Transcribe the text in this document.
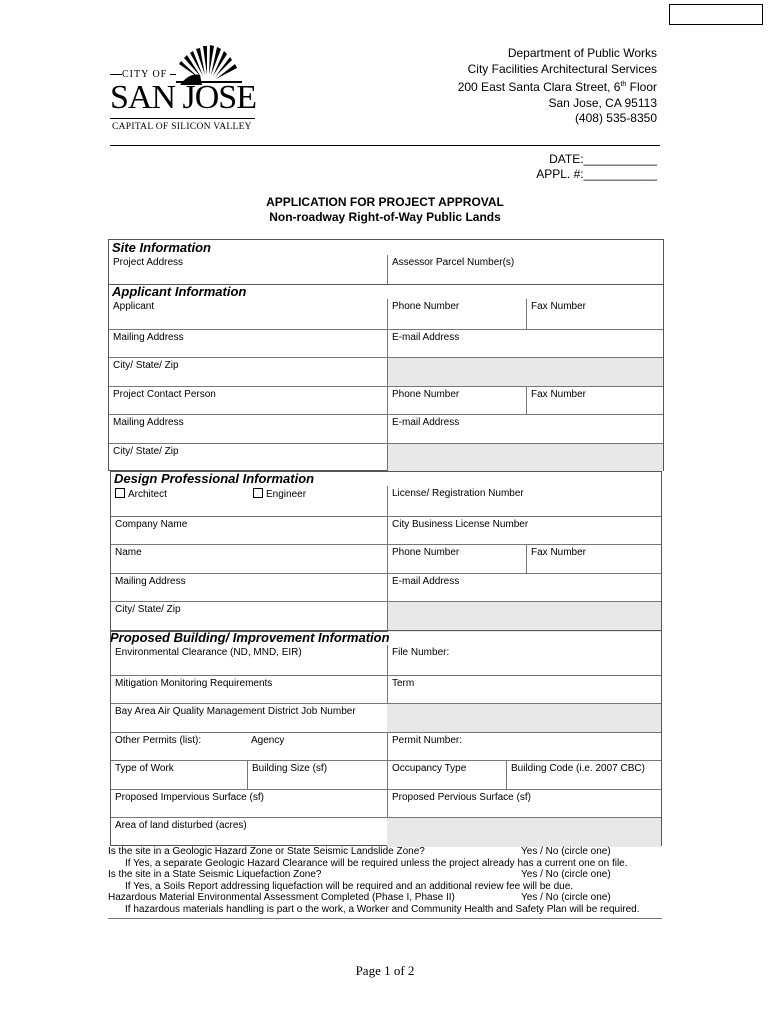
CITY OF
SAN JOSE
CAPITAL OF SILICON VALLEY
Department of Public Works
City Facilities Architectural Services
200 East Santa Clara Street, 6th Floor
San Jose, CA 95113
(408) 535-8350
DATE:___________
APPL. #:___________
APPLICATION FOR PROJECT APPROVAL
Non-roadway Right-of-Way Public Lands
Site Information
Project Address	Assessor Parcel Number(s)
Applicant Information
Applicant	Phone Number	Fax Number
Mailing Address	E-mail Address
City/ State/ Zip
Project Contact Person	Phone Number	Fax Number
Mailing Address	E-mail Address
City/ State/ Zip
Design Professional Information
Architect	Engineer	License/ Registration Number
Company Name	City Business License Number
Name	Phone Number	Fax Number
Mailing Address	E-mail Address
City/ State/ Zip
Proposed Building/ Improvement Information
Environmental Clearance (ND, MND, EIR)	File Number:
Mitigation Monitoring Requirements	Term
Bay Area Air Quality Management District Job Number
Other Permits (list):	Agency	Permit Number:
Type of Work	Building Size (sf)	Occupancy Type	Building Code (i.e. 2007 CBC)
Proposed Impervious Surface (sf)	Proposed Pervious Surface (sf)
Area of land disturbed (acres)
Is the site in a Geologic Hazard Zone or State Seismic Landslide Zone?	Yes / No (circle one)
If Yes, a separate Geologic Hazard Clearance will be required unless the project already has a current one on file.
Is the site in a State Seismic Liquefaction Zone?	Yes / No (circle one)
If Yes, a Soils Report addressing liquefaction will be required and an additional review fee will be due.
Hazardous Material Environmental Assessment Completed (Phase I, Phase II)	Yes / No (circle one)
If hazardous materials handling is part o the work, a Worker and Community Health and Safety Plan will be required.
Page 1 of 2
